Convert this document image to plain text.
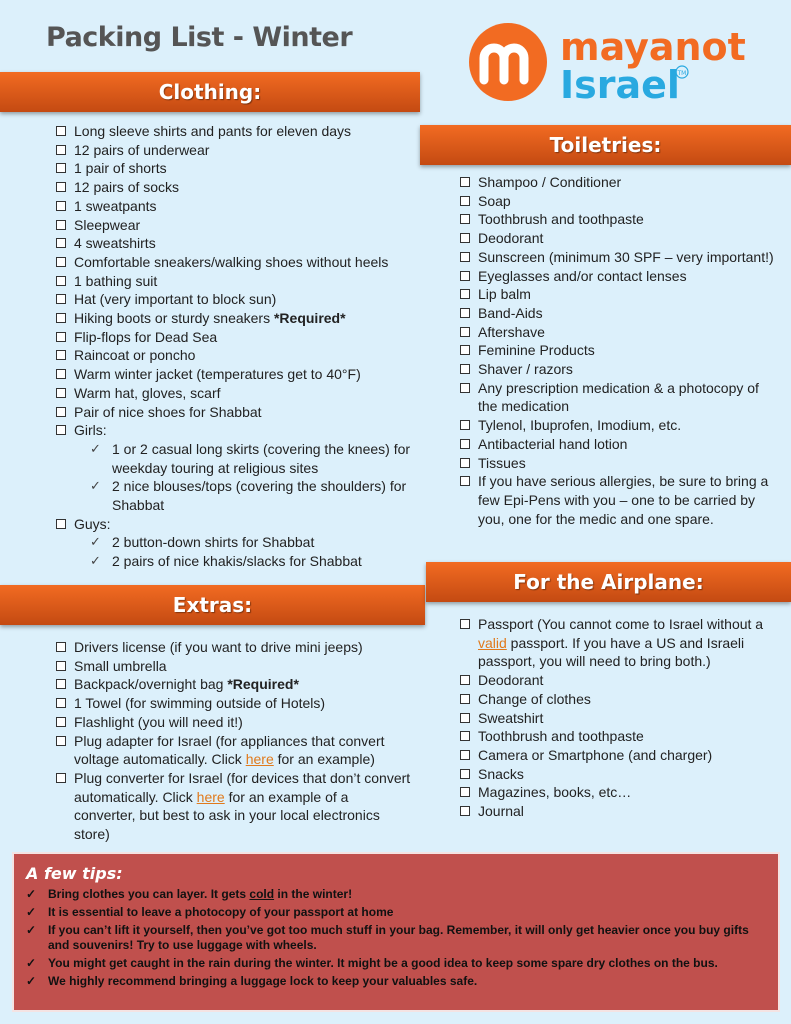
Packing List - Winter	mayanot
Israel
TM
Clothing:
Long sleeve shirts and pants for eleven days
12 pairs of underwear
1 pair of shorts
12 pairs of socks
1 sweatpants
Sleepwear
4 sweatshirts
Comfortable sneakers/walking shoes without heels
1 bathing suit
Hat (very important to block sun)
Hiking boots or sturdy sneakers *Required*
Flip-flops for Dead Sea
Raincoat or poncho
Warm winter jacket (temperatures get to 40°F)
Warm hat, gloves, scarf
Pair of nice shoes for Shabbat
Girls:
✓ 1 or 2 casual long skirts (covering the knees) for weekday touring at religious sites
✓ 2 nice blouses/tops (covering the shoulders) for Shabbat
Guys:
✓ 2 button-down shirts for Shabbat
✓ 2 pairs of nice khakis/slacks for Shabbat
Toiletries:
Shampoo / Conditioner
Soap
Toothbrush and toothpaste
Deodorant
Sunscreen (minimum 30 SPF – very important!)
Eyeglasses and/or contact lenses
Lip balm
Band-Aids
Aftershave
Feminine Products
Shaver / razors
Any prescription medication & a photocopy of the medication
Tylenol, Ibuprofen, Imodium, etc.
Antibacterial hand lotion
Tissues
If you have serious allergies, be sure to bring a few Epi-Pens with you – one to be carried by you, one for the medic and one spare.
Extras:
Drivers license (if you want to drive mini jeeps)
Small umbrella
Backpack/overnight bag *Required*
1 Towel (for swimming outside of Hotels)
Flashlight (you will need it!)
Plug adapter for Israel (for appliances that convert voltage automatically. Click here for an example)
Plug converter for Israel (for devices that don’t convert automatically. Click here for an example of a converter, but best to ask in your local electronics store)
For the Airplane:
Passport (You cannot come to Israel without a valid passport. If you have a US and Israeli passport, you will need to bring both.)
Deodorant
Change of clothes
Sweatshirt
Toothbrush and toothpaste
Camera or Smartphone (and charger)
Snacks
Magazines, books, etc…
Journal
A few tips:
✓ Bring clothes you can layer. It gets cold in the winter!
✓ It is essential to leave a photocopy of your passport at home
✓ If you can’t lift it yourself, then you’ve got too much stuff in your bag. Remember, it will only get heavier once you buy gifts and souvenirs! Try to use luggage with wheels.
✓ You might get caught in the rain during the winter. It might be a good idea to keep some spare dry clothes on the bus.
✓ We highly recommend bringing a luggage lock to keep your valuables safe.
